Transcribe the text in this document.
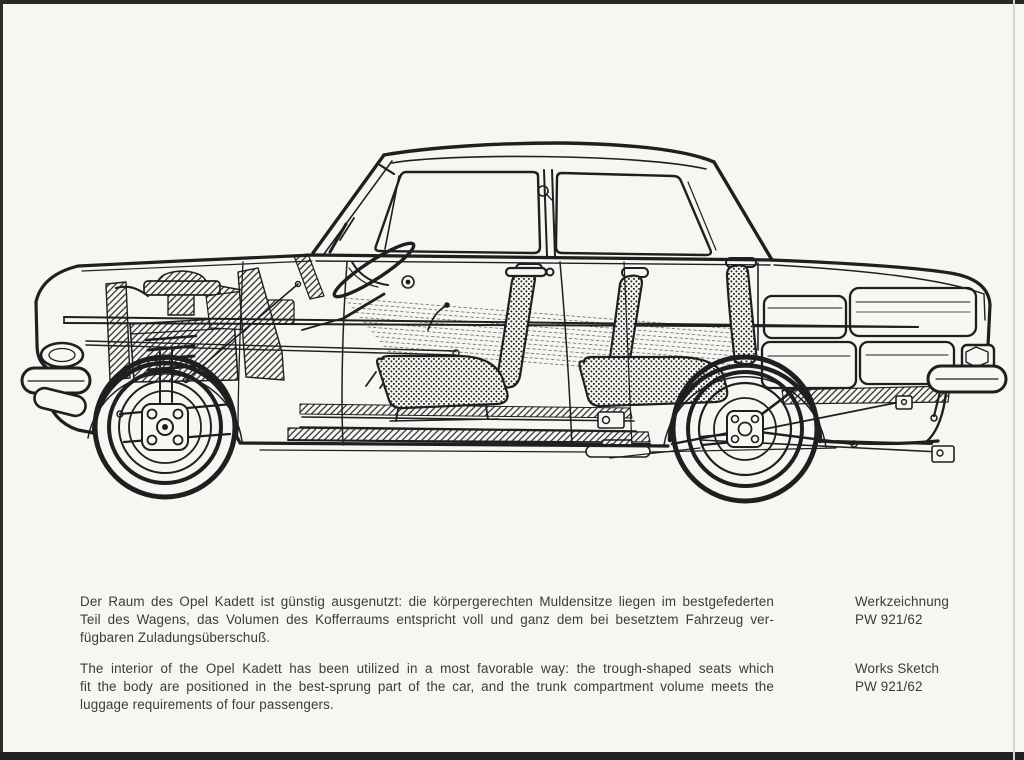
Der Raum des Opel Kadett ist günstig ausgenutzt: die körpergerechten Muldensitze liegen im bestgefederten
Teil des Wagens, das Volumen des Kofferraums entspricht voll und ganz dem bei besetztem Fahrzeug ver-
fügbaren Zuladungsüberschuß.
The interior of the Opel Kadett has been utilized in a most favorable way: the trough-shaped seats which
fit the body are positioned in the best-sprung part of the car, and the trunk compartment volume meets the
luggage requirements of four passengers.
Werkzeichnung
PW 921/62
Works Sketch
PW 921/62
